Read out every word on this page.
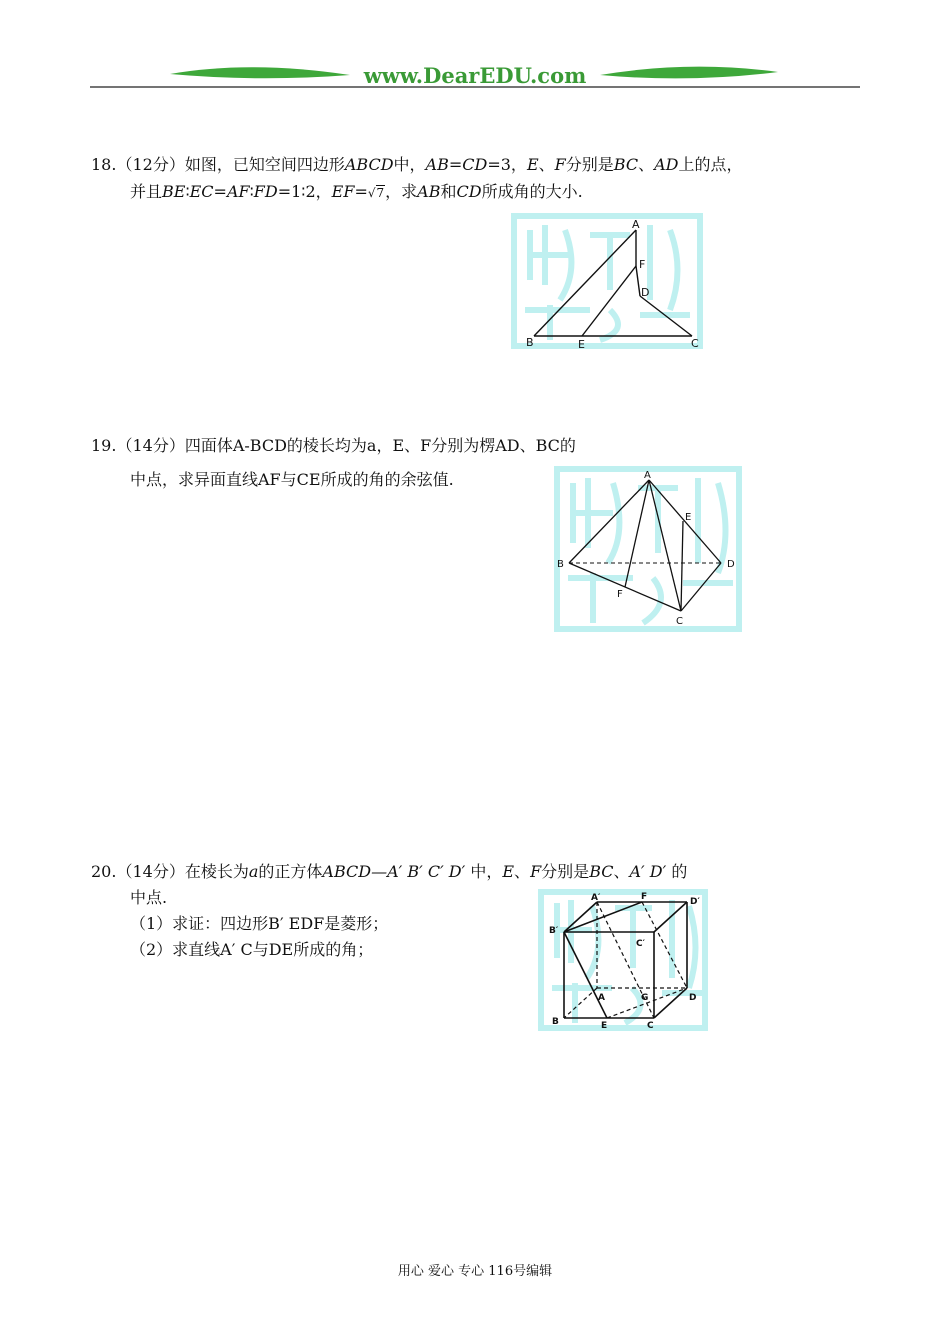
www.DearEDU.com
18.（12分）如图，已知空间四边形ABCD中，AB=CD=3，E、F分别是BC、AD上的点，
并且BE∶EC=AF∶FD=1∶2，EF=√7，求AB和CD所成角的大小.
A
F
D
B	E	C
19.（14分）四面体A-BCD的棱长均为a，E、F分别为楞AD、BC的
中点，求异面直线AF与CE所成的角的余弦值.	A
E
B	D
F
C
20.（14分）在棱长为a的正方体ABCD—A′ B′ C′ D′ 中，E、F分别是BC、A′ D′ 的
中点.
（1）求证：四边形B′ EDF是菱形；
（2）求直线A′ C与DE所成的角；
A′	F	D′
B′
C′
A	G	D
B	E	C
用心 爱心 专心 116号编辑
